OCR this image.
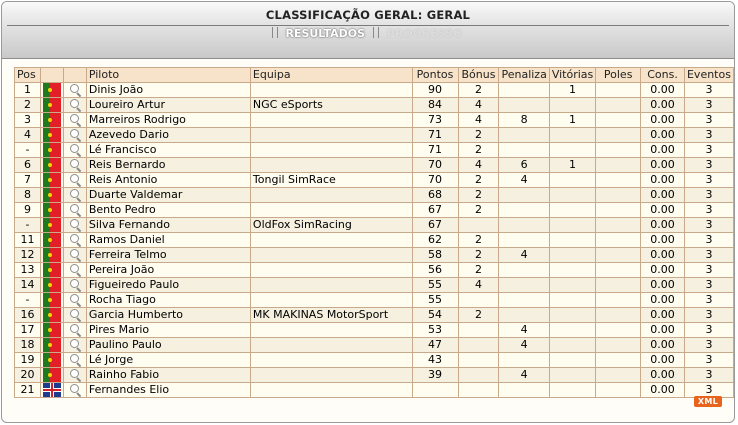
CLASSIFICAÇÃO GERAL: GERAL
RESULTADOS PROGRESSO
Pos			Piloto	Equipa	Pontos	Bónus	Penaliza	Vitórias	Poles	Cons.	Eventos
1			Dinis João		90	2		1		0.00	3
2			Loureiro Artur	NGC eSports	84	4				0.00	3
3			Marreiros Rodrigo		73	4	8	1		0.00	3
4			Azevedo Dario		71	2				0.00	3
-			Lé Francisco		71	2				0.00	3
6			Reis Bernardo		70	4	6	1		0.00	3
7			Reis Antonio	Tongil SimRace	70	2	4			0.00	3
8			Duarte Valdemar		68	2				0.00	3
9			Bento Pedro		67	2				0.00	3
-			Silva Fernando	OldFox SimRacing	67					0.00	3
11			Ramos Daniel		62	2				0.00	3
12			Ferreira Telmo		58	2	4			0.00	3
13			Pereira João		56	2				0.00	3
14			Figueiredo Paulo		55	4				0.00	3
-			Rocha Tiago		55					0.00	3
16			Garcia Humberto	MK MAKINAS MotorSport	54	2				0.00	3
17			Pires Mario		53		4			0.00	3
18			Paulino Paulo		47		4			0.00	3
19			Lé Jorge		43					0.00	3
20			Rainho Fabio		39		4			0.00	3
21			Fernandes Elio							0.00	3
XML
